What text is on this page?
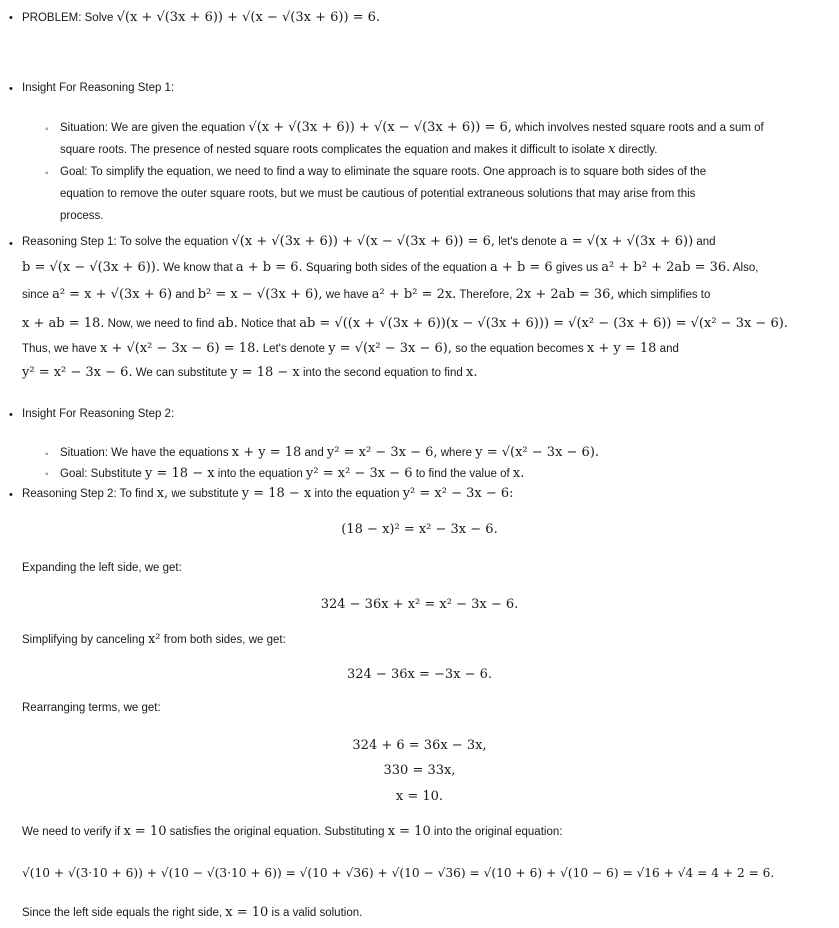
• PROBLEM: Solve √(x + √(3x + 6)) + √(x − √(3x + 6)) = 6.
• Insight For Reasoning Step 1:
◦ Situation: We are given the equation √(x + √(3x + 6)) + √(x − √(3x + 6)) = 6, which involves nested square roots and a sum of
square roots. The presence of nested square roots complicates the equation and makes it difficult to isolate x directly.
◦ Goal: To simplify the equation, we need to find a way to eliminate the square roots. One approach is to square both sides of the
equation to remove the outer square roots, but we must be cautious of potential extraneous solutions that may arise from this
process.
• Reasoning Step 1: To solve the equation √(x + √(3x + 6)) + √(x − √(3x + 6)) = 6, let's denote a = √(x + √(3x + 6)) and
b = √(x − √(3x + 6)). We know that a + b = 6. Squaring both sides of the equation a + b = 6 gives us a² + b² + 2ab = 36. Also,
since a² = x + √(3x + 6) and b² = x − √(3x + 6), we have a² + b² = 2x. Therefore, 2x + 2ab = 36, which simplifies to
x + ab = 18. Now, we need to find ab. Notice that ab = √((x + √(3x + 6))(x − √(3x + 6))) = √(x² − (3x + 6)) = √(x² − 3x − 6).
Thus, we have x + √(x² − 3x − 6) = 18. Let's denote y = √(x² − 3x − 6), so the equation becomes x + y = 18 and
y² = x² − 3x − 6. We can substitute y = 18 − x into the second equation to find x.
• Insight For Reasoning Step 2:
◦ Situation: We have the equations x + y = 18 and y² = x² − 3x − 6, where y = √(x² − 3x − 6).
◦ Goal: Substitute y = 18 − x into the equation y² = x² − 3x − 6 to find the value of x.
• Reasoning Step 2: To find x, we substitute y = 18 − x into the equation y² = x² − 3x − 6:
(18 − x)² = x² − 3x − 6.
Expanding the left side, we get:
324 − 36x + x² = x² − 3x − 6.
Simplifying by canceling x² from both sides, we get:
324 − 36x = −3x − 6.
Rearranging terms, we get:
324 + 6 = 36x − 3x,
330 = 33x,
x = 10.
We need to verify if x = 10 satisfies the original equation. Substituting x = 10 into the original equation:
√(10 + √(3·10 + 6)) + √(10 − √(3·10 + 6)) = √(10 + √36) + √(10 − √36) = √(10 + 6) + √(10 − 6) = √16 + √4 = 4 + 2 = 6.
Since the left side equals the right side, x = 10 is a valid solution.
